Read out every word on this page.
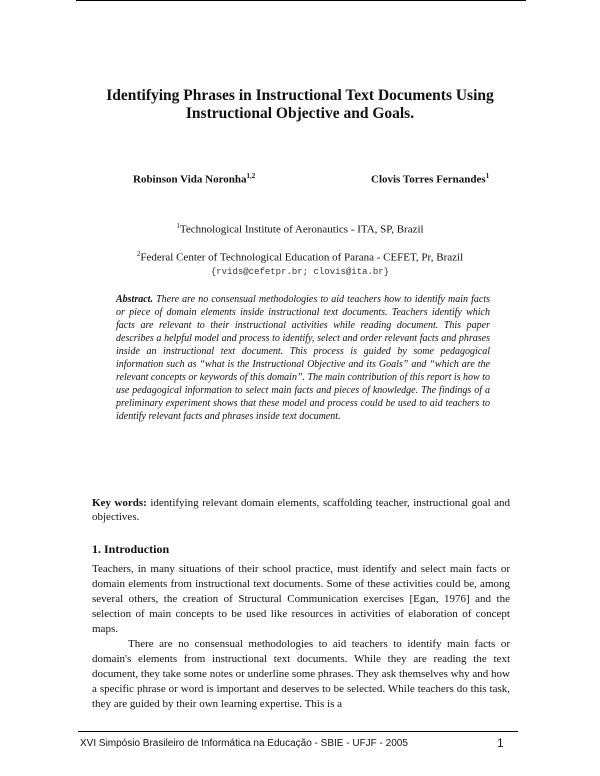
Identifying Phrases in Instructional Text Documents Using Instructional Objective and Goals.
Robinson Vida Noronha$^{1,2}$	Clovis Torres Fernandes$^1$
$^1$Technological Institute of Aeronautics - ITA, SP, Brazil
$^2$Federal Center of Technological Education of Parana - CEFET, Pr, Brazil
{rvids@cefetpr.br; clovis@ita.br}

Abstract. There are no consensual methodologies to aid teachers how to identify main facts or piece of domain elements inside instructional text documents. Teachers identify which facts are relevant to their instructional activities while reading document. This paper describes a helpful model and process to identify, select and order relevant facts and phrases inside an instructional text document. This process is guided by some pedagogical information such as “what is the Instructional Objective and its Goals” and “which are the relevant concepts or keywords of this domain”. The main contribution of this report is how to use pedagogical information to select main facts and pieces of knowledge. The findings of a preliminary experiment shows that these model and process could be used to aid teachers to identify relevant facts and phrases inside text document.

Key words: identifying relevant domain elements, scaffolding teacher, instructional goal and objectives.

1. Introduction

Teachers, in many situations of their school practice, must identify and select main facts or domain elements from instructional text documents. Some of these activities could be, among several others, the creation of Structural Communication exercises [Egan, 1976] and the selection of main concepts to be used like resources in activities of elaboration of concept maps.

There are no consensual methodologies to aid teachers to identify main facts or domain's elements from instructional text documents. While they are reading the text document, they take some notes or underline some phrases. They ask themselves why and how a specific phrase or word is important and deserves to be selected. While teachers do this task, they are guided by their own learning expertise. This is a

XVI Simpósio Brasileiro de Informática na Educação - SBIE - UFJF - 2005	1
